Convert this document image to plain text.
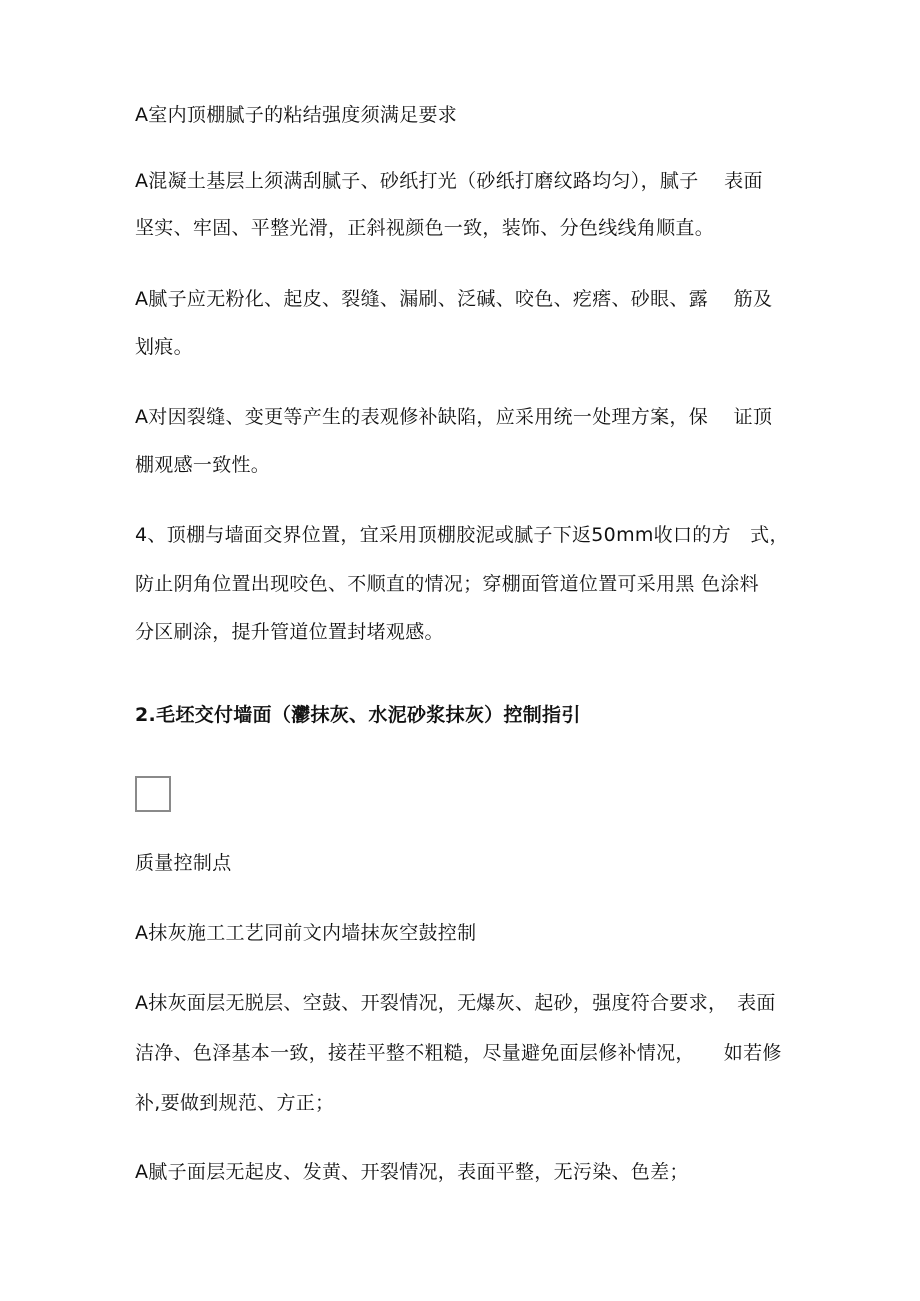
A室内顶棚腻子的粘结强度须满足要求
A混凝土基层上须满刮腻子、砂纸打光（砂纸打磨纹路均匀），腻子　 表面
坚实、牢固、平整光滑，正斜视颜色一致，装饰、分色线线角顺直。
A腻子应无粉化、起皮、裂缝、漏刷、泛碱、咬色、疙瘩、砂眼、露　 筋及
划痕。
A对因裂缝、变更等产生的表观修补缺陷，应采用统一处理方案，保　 证顶
棚观感一致性。
4、顶棚与墙面交界位置，宜采用顶棚胶泥或腻子下返50mm收口的方　式，
防止阴角位置出现咬色、不顺直的情况；穿棚面管道位置可采用黑 色涂料
分区刷涂，提升管道位置封堵观感。
2.毛坯交付墙面（灪抹灰、水泥砂浆抹灰）控制指引
质量控制点
A抹灰施工工艺同前文内墙抹灰空鼓控制
A抹灰面层无脱层、空鼓、开裂情况，无爆灰、起砂，强度符合要求，　表面
洁净、色泽基本一致，接茬平整不粗糙，尽量避免面层修补情况，　　如若修
补,要做到规范、方正；
A腻子面层无起皮、发黄、开裂情况，表面平整，无污染、色差；
